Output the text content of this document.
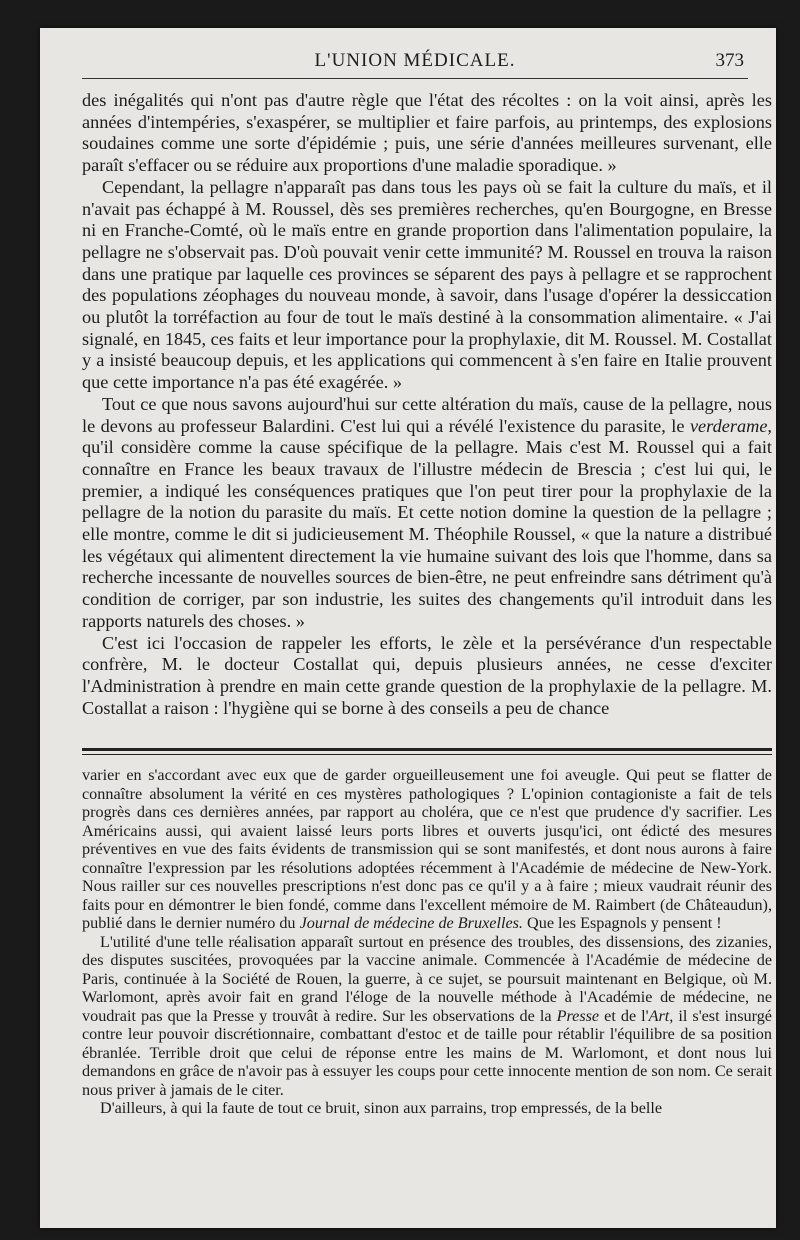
L'UNION MÉDICALE.	373

des inégalités qui n'ont pas d'autre règle que l'état des récoltes : on la voit ainsi, après les années d'intempéries, s'exaspérer, se multiplier et faire parfois, au printemps, des explosions soudaines comme une sorte d'épidémie ; puis, une série d'années meilleures survenant, elle paraît s'effacer ou se réduire aux proportions d'une maladie sporadique. »

Cependant, la pellagre n'apparaît pas dans tous les pays où se fait la culture du maïs, et il n'avait pas échappé à M. Roussel, dès ses premières recherches, qu'en Bourgogne, en Bresse ni en Franche-Comté, où le maïs entre en grande proportion dans l'alimentation populaire, la pellagre ne s'observait pas. D'où pouvait venir cette immunité? M. Roussel en trouva la raison dans une pratique par laquelle ces provinces se séparent des pays à pellagre et se rapprochent des populations zéophages du nouveau monde, à savoir, dans l'usage d'opérer la dessiccation ou plutôt la torréfaction au four de tout le maïs destiné à la consommation alimentaire. « J'ai signalé, en 1845, ces faits et leur importance pour la prophylaxie, dit M. Roussel. M. Costallat y a insisté beaucoup depuis, et les applications qui commencent à s'en faire en Italie prouvent que cette importance n'a pas été exagérée. »

Tout ce que nous savons aujourd'hui sur cette altération du maïs, cause de la pellagre, nous le devons au professeur Balardini. C'est lui qui a révélé l'existence du parasite, le verderame, qu'il considère comme la cause spécifique de la pellagre. Mais c'est M. Roussel qui a fait connaître en France les beaux travaux de l'illustre médecin de Brescia ; c'est lui qui, le premier, a indiqué les conséquences pratiques que l'on peut tirer pour la prophylaxie de la pellagre de la notion du parasite du maïs. Et cette notion domine la question de la pellagre ; elle montre, comme le dit si judicieusement M. Théophile Roussel, « que la nature a distribué les végétaux qui alimentent directement la vie humaine suivant des lois que l'homme, dans sa recherche incessante de nouvelles sources de bien-être, ne peut enfreindre sans détriment qu'à condition de corriger, par son industrie, les suites des changements qu'il introduit dans les rapports naturels des choses. »

C'est ici l'occasion de rappeler les efforts, le zèle et la persévérance d'un respectable confrère, M. le docteur Costallat qui, depuis plusieurs années, ne cesse d'exciter l'Administration à prendre en main cette grande question de la prophylaxie de la pellagre. M. Costallat a raison : l'hygiène qui se borne à des conseils a peu de chance

varier en s'accordant avec eux que de garder orgueilleusement une foi aveugle. Qui peut se flatter de connaître absolument la vérité en ces mystères pathologiques ? L'opinion contagioniste a fait de tels progrès dans ces dernières années, par rapport au choléra, que ce n'est que prudence d'y sacrifier. Les Américains aussi, qui avaient laissé leurs ports libres et ouverts jusqu'ici, ont édicté des mesures préventives en vue des faits évidents de transmission qui se sont manifestés, et dont nous aurons à faire connaître l'expression par les résolutions adoptées récemment à l'Académie de médecine de New-York. Nous railler sur ces nouvelles prescriptions n'est donc pas ce qu'il y a à faire ; mieux vaudrait réunir des faits pour en démontrer le bien fondé, comme dans l'excellent mémoire de M. Raimbert (de Châteaudun), publié dans le dernier numéro du Journal de médecine de Bruxelles. Que les Espagnols y pensent !

L'utilité d'une telle réalisation apparaît surtout en présence des troubles, des dissensions, des zizanies, des disputes suscitées, provoquées par la vaccine animale. Commencée à l'Académie de médecine de Paris, continuée à la Société de Rouen, la guerre, à ce sujet, se poursuit maintenant en Belgique, où M. Warlomont, après avoir fait en grand l'éloge de la nouvelle méthode à l'Académie de médecine, ne voudrait pas que la Presse y trouvât à redire. Sur les observations de la Presse et de l'Art, il s'est insurgé contre leur pouvoir discrétionnaire, combattant d'estoc et de taille pour rétablir l'équilibre de sa position ébranlée. Terrible droit que celui de réponse entre les mains de M. Warlomont, et dont nous lui demandons en grâce de n'avoir pas à essuyer les coups pour cette innocente mention de son nom. Ce serait nous priver à jamais de le citer.

D'ailleurs, à qui la faute de tout ce bruit, sinon aux parrains, trop empressés, de la belle
